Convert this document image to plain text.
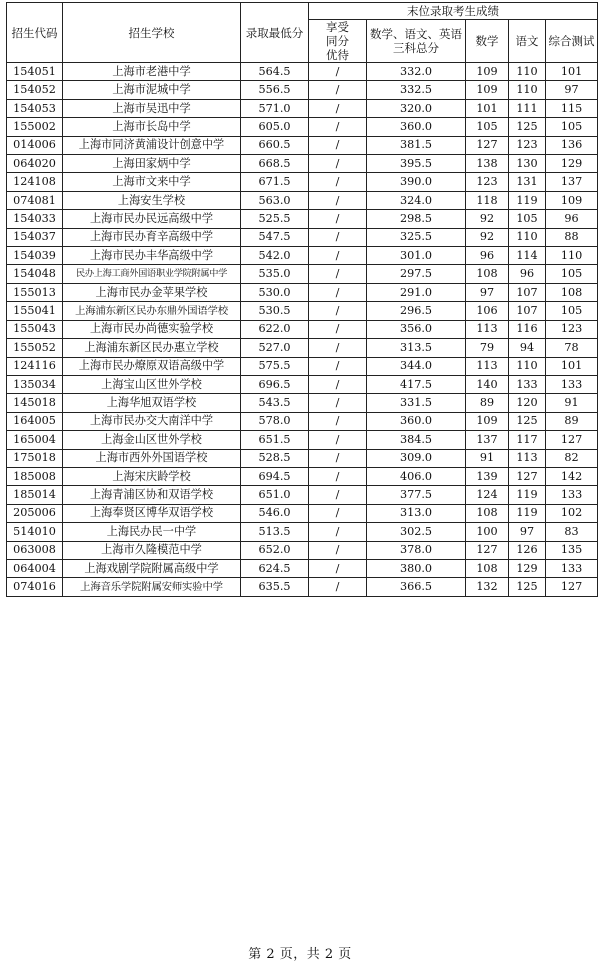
招生代码	招生学校	录取最低分	末位录取考生成绩				
			享受同分优待	数学、语文、英语三科总分	数学	语文	综合测试
154051	上海市老港中学	564.5	/	332.0	109	110	101
154052	上海市泥城中学	556.5	/	332.5	109	110	97
154053	上海市吴迅中学	571.0	/	320.0	101	111	115
155002	上海市长岛中学	605.0	/	360.0	105	125	105
014006	上海市同济黄浦设计创意中学	660.5	/	381.5	127	123	136
064020	上海田家炳中学	668.5	/	395.5	138	130	129
124108	上海市文来中学	671.5	/	390.0	123	131	137
074081	上海安生学校	563.0	/	324.0	118	119	109
154033	上海市民办民远高级中学	525.5	/	298.5	92	105	96
154037	上海市民办育辛高级中学	547.5	/	325.5	92	110	88
154039	上海市民办丰华高级中学	542.0	/	301.0	96	114	110
154048	民办上海工商外国语职业学院附属中学	535.0	/	297.5	108	96	105
155013	上海市民办金苹果学校	530.0	/	291.0	97	107	108
155041	上海浦东新区民办东鼎外国语学校	530.5	/	296.5	106	107	105
155043	上海市民办尚德实验学校	622.0	/	356.0	113	116	123
155052	上海浦东新区民办惠立学校	527.0	/	313.5	79	94	78
124116	上海市民办燎原双语高级中学	575.5	/	344.0	113	110	101
135034	上海宝山区世外学校	696.5	/	417.5	140	133	133
145018	上海华旭双语学校	543.5	/	331.5	89	120	91
164005	上海市民办交大南洋中学	578.0	/	360.0	109	125	89
165004	上海金山区世外学校	651.5	/	384.5	137	117	127
175018	上海市西外外国语学校	528.5	/	309.0	91	113	82
185008	上海宋庆龄学校	694.5	/	406.0	139	127	142
185014	上海青浦区协和双语学校	651.0	/	377.5	124	119	133
205006	上海奉贤区博华双语学校	546.0	/	313.0	108	119	102
514010	上海民办民一中学	513.5	/	302.5	100	97	83
063008	上海市久隆模范中学	652.0	/	378.0	127	126	135
064004	上海戏剧学院附属高级中学	624.5	/	380.0	108	129	133
074016	上海音乐学院附属安师实验中学	635.5	/	366.5	132	125	127
第 2 页，共 2 页
